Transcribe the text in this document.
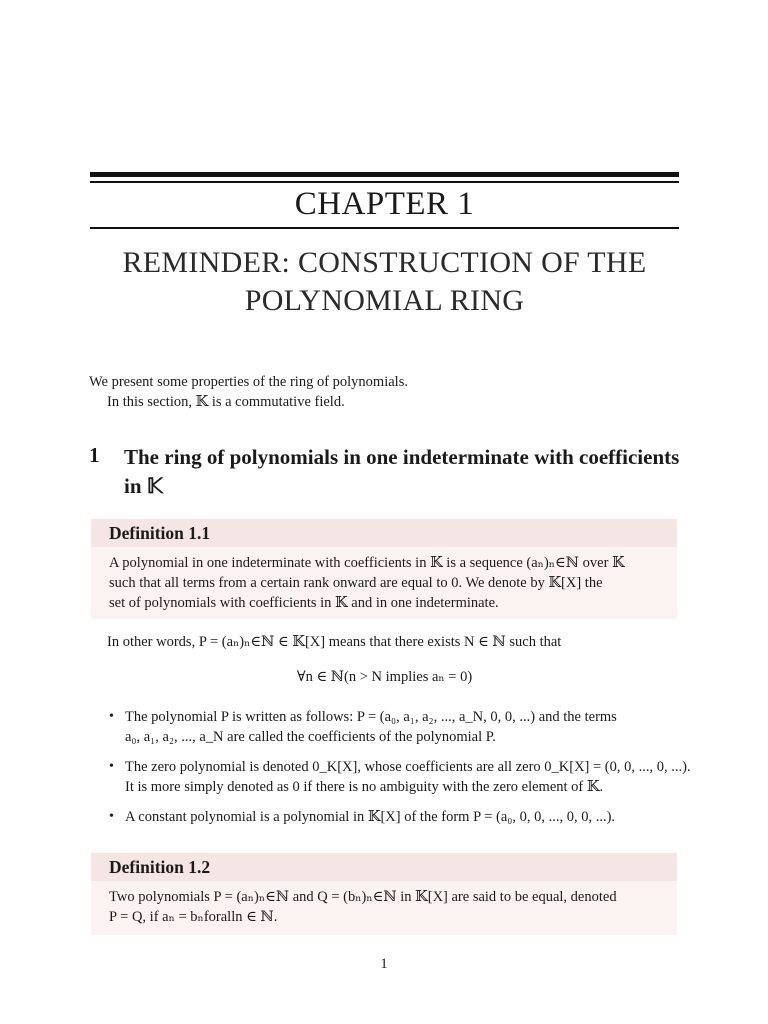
CHAPTER 1
REMINDER: CONSTRUCTION OF THE
POLYNOMIAL RING
We present some properties of the ring of polynomials.
In this section, 𝕂 is a commutative field.
1 The ring of polynomials in one indeterminate with coefficients in 𝕂
Definition 1.1
A polynomial in one indeterminate with coefficients in 𝕂 is a sequence (aₙ)ₙ∈ℕ over 𝕂
such that all terms from a certain rank onward are equal to 0. We denote by 𝕂[X] the
set of polynomials with coefficients in 𝕂 and in one indeterminate.
In other words, P = (aₙ)ₙ∈ℕ ∈ 𝕂[X] means that there exists N ∈ ℕ such that
∀n ∈ ℕ(n > N implies aₙ = 0)
• The polynomial P is written as follows: P = (a₀, a₁, a₂, ..., a_N, 0, 0, ...) and the terms
a₀, a₁, a₂, ..., a_N are called the coefficients of the polynomial P.
• The zero polynomial is denoted 0_K[X], whose coefficients are all zero 0_K[X] = (0, 0, ..., 0, ...).
It is more simply denoted as 0 if there is no ambiguity with the zero element of 𝕂.
• A constant polynomial is a polynomial in 𝕂[X] of the form P = (a₀, 0, 0, ..., 0, 0, ...).
Definition 1.2
Two polynomials P = (aₙ)ₙ∈ℕ and Q = (bₙ)ₙ∈ℕ in 𝕂[X] are said to be equal, denoted
P = Q, if aₙ = bₙforalln ∈ ℕ.
1
